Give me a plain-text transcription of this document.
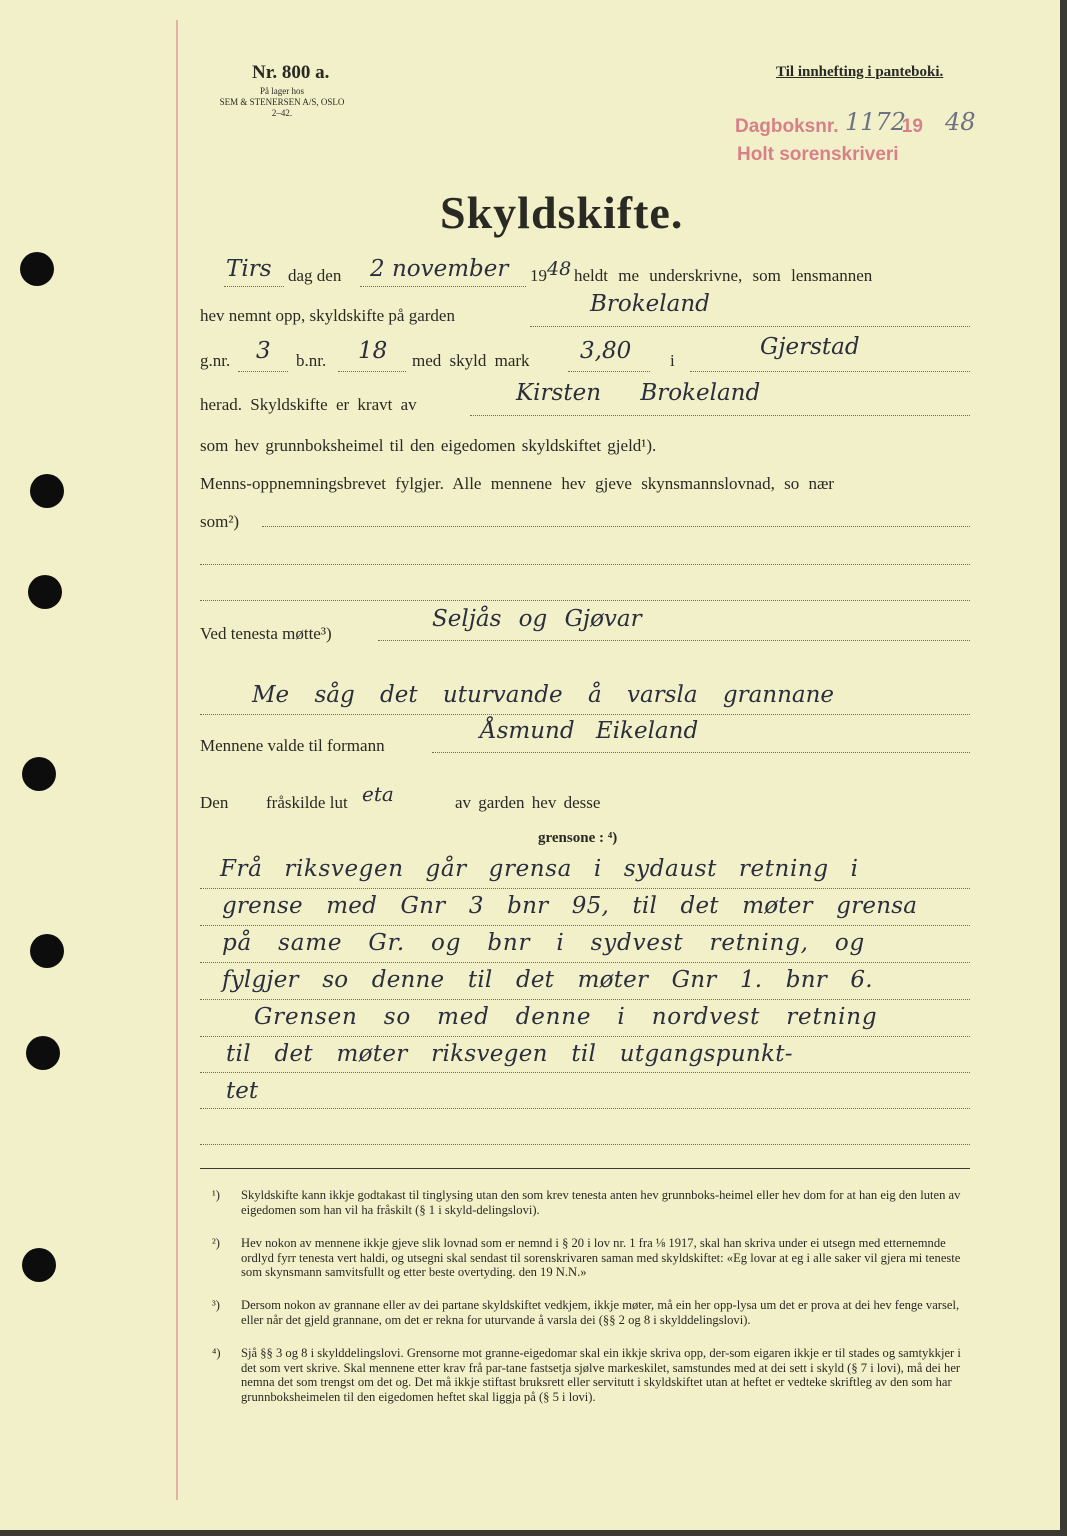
Nr. 800 a.
På lager hos
SEM & STENERSEN A/S, OSLO
2–42.
Til innhefting i panteboki.
Dagboksnr.	19
Holt sorenskriveri
1172 48
Skyldskifte.
Tirs dag den 2 november 19 48 heldt me underskrivne, som lensmannen
hev nemnt opp, skyldskifte på garden	Brokeland
g.nr. 3 b.nr. 18 med skyld mark 3,80 i
Gjerstad
herad. Skyldskifte er kravt av	Kirsten Brokeland
som hev grunnboksheimel til den eigedomen skyldskiftet gjeld¹).
Menns-oppnemningsbrevet fylgjer. Alle mennene hev gjeve skynsmannslovnad, so nær
som²)
Ved tenesta møtte³)
Seljås og Gjøvar
Me såg det uturvande å varsla grannane
Mennene valde til formann
Åsmund Eikeland
Den fråskilde lut eta	av garden hev desse
grensone : ⁴)
Frå riksvegen går grensa i sydaust retning i
grense med Gnr 3 bnr 95, til det møter grensa
på same Gr. og bnr i sydvest retning, og
fylgjer so denne til det møter Gnr 1. bnr 6.
Grensen so med denne i nordvest retning
til det møter riksvegen til utgangspunkt-
tet
¹) Skyldskifte kann ikkje godtakast til tinglysing utan den som krev tenesta anten hev grunnboks-heimel eller hev dom for at han eig den luten av eigedomen som han vil ha fråskilt (§ 1 i skyld-delingslovi).
²) Hev nokon av mennene ikkje gjeve slik lovnad som er nemnd i § 20 i lov nr. 1 fra ⅛ 1917, skal han skriva under ei utsegn med etternemnde ordlyd fyrr tenesta vert haldi, og utsegni skal sendast til sorenskrivaren saman med skyldskiftet: «Eg lovar at eg i alle saker vil gjera mi teneste som skynsmann samvitsfullt og etter beste overtyding. den 19 N.N.»
³) Dersom nokon av grannane eller av dei partane skyldskiftet vedkjem, ikkje møter, må ein her opp-lysa um det er prova at dei hev fenge varsel, eller når det gjeld grannane, om det er rekna for uturvande å varsla dei (§§ 2 og 8 i skylddelingslovi).
⁴) Sjå §§ 3 og 8 i skylddelingslovi. Grensorne mot granne-eigedomar skal ein ikkje skriva opp, der-som eigaren ikkje er til stades og samtykkjer i det som vert skrive. Skal mennene etter krav frå par-tane fastsetja sjølve markeskilet, samstundes med at dei sett i skyld (§ 7 i lovi), må dei her nemna det som trengst om det og. Det må ikkje stiftast bruksrett eller servitutt i skyldskiftet utan at heftet er vedteke skriftleg av den som har grunnboksheimelen til den eigedomen heftet skal liggja på (§ 5 i lovi).
